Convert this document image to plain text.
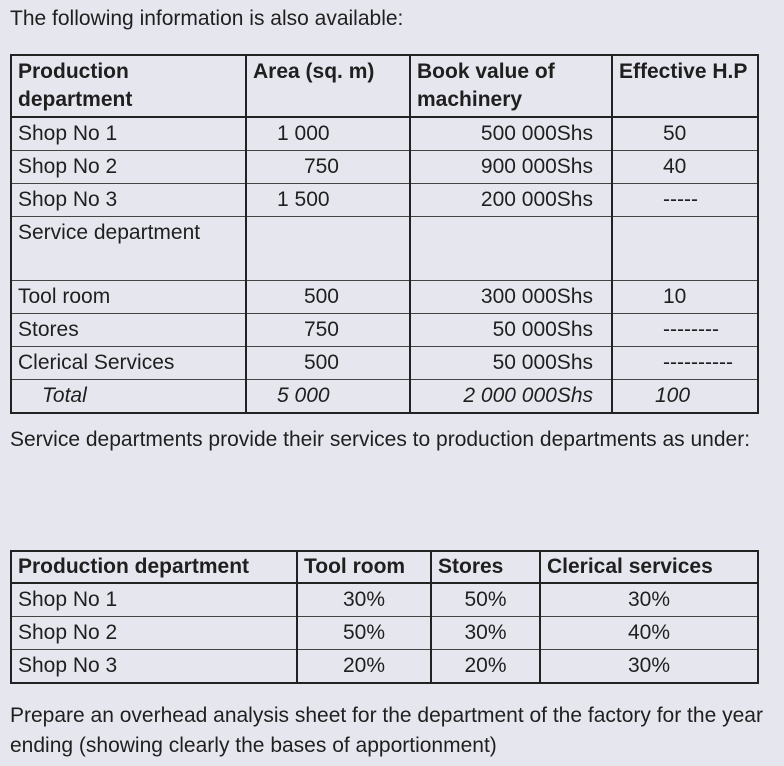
The following information is also available:

Production department	Area (sq. m)	Book value of machinery	Effective H.P
Shop No 1	1 000	500 000Shs	50
Shop No 2	750	900 000Shs	40
Shop No 3	1 500	200 000Shs	-----
Service department			
Tool room	500	300 000Shs	10
Stores	750	50 000Shs	--------
Clerical Services	500	50 000Shs	----------
Total	5 000	2 000 000Shs	100

Service departments provide their services to production departments as under:

Production department	Tool room	Stores	Clerical services
Shop No 1	30%	50%	30%
Shop No 2	50%	30%	40%
Shop No 3	20%	20%	30%

Prepare an overhead analysis sheet for the department of the factory for the year ending (showing clearly the bases of apportionment)
